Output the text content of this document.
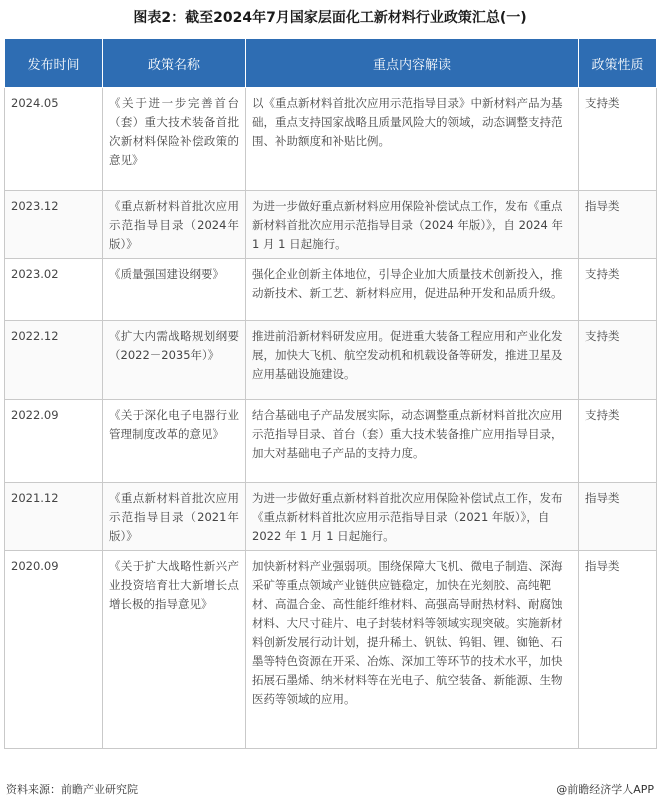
图表2：截至2024年7月国家层面化工新材料行业政策汇总(一)
发布时间	政策名称	重点内容解读	政策性质
2024.05	《关于进一步完善首台（套）重大技术装备首批次新材料保险补偿政策的意见》	以《重点新材料首批次应用示范指导目录》中新材料产品为基础，重点支持国家战略且质量风险大的领域，动态调整支持范围、补助额度和补贴比例。	支持类
2023.12	《重点新材料首批次应用示范指导目录（2024年版）》	为进一步做好重点新材料应用保险补偿试点工作，发布《重点新材料首批次应用示范指导目录（2024 年版）》，自 2024 年 1 月 1 日起施行。	指导类
2023.02	《质量强国建设纲要》	强化企业创新主体地位，引导企业加大质量技术创新投入，推动新技术、新工艺、新材料应用，促进品种开发和品质升级。	支持类
2022.12	《扩大内需战略规划纲要（2022－2035年）》	推进前沿新材料研发应用。促进重大装备工程应用和产业化发展，加快大飞机、航空发动机和机载设备等研发，推进卫星及应用基础设施建设。	支持类
2022.09	《关于深化电子电器行业管理制度改革的意见》	结合基础电子产品发展实际，动态调整重点新材料首批次应用示范指导目录、首台（套）重大技术装备推广应用指导目录，加大对基础电子产品的支持力度。	支持类
2021.12	《重点新材料首批次应用示范指导目录（2021年版）》	为进一步做好重点新材料首批次应用保险补偿试点工作，发布《重点新材料首批次应用示范指导目录（2021 年版）》，自 2022 年 1 月 1 日起施行。	指导类
2020.09	《关于扩大战略性新兴产业投资培育壮大新增长点增长极的指导意见》	加快新材料产业强弱项。围绕保障大飞机、微电子制造、深海采矿等重点领域产业链供应链稳定，加快在光刻胶、高纯靶材、高温合金、高性能纤维材料、高强高导耐热材料、耐腐蚀材料、大尺寸硅片、电子封装材料等领域实现突破。实施新材料创新发展行动计划，提升稀土、钒钛、钨钼、锂、铷铯、石墨等特色资源在开采、冶炼、深加工等环节的技术水平，加快拓展石墨烯、纳米材料等在光电子、航空装备、新能源、生物医药等领域的应用。	指导类
资料来源：前瞻产业研究院	@前瞻经济学人APP
